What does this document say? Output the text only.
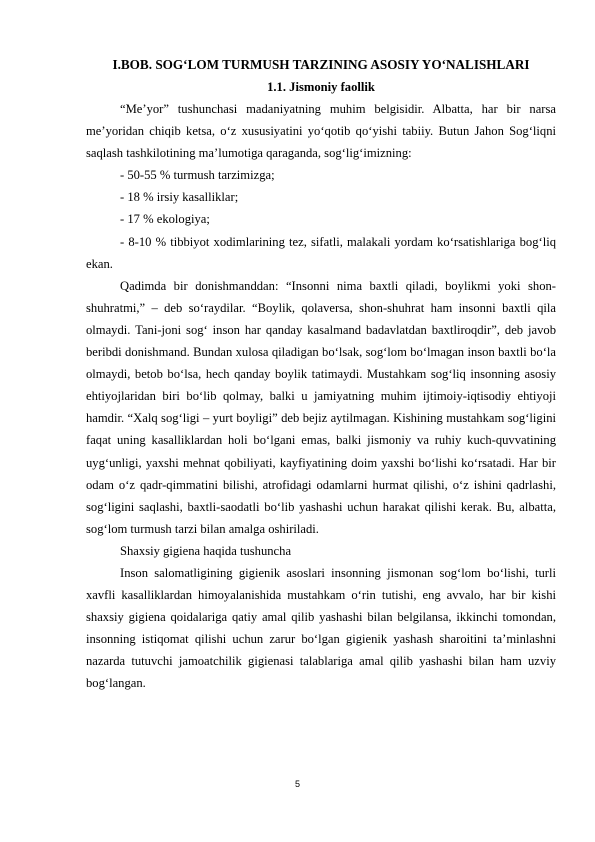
I.BOB. SOG‘LOM TURMUSH TARZINING ASOSIY YO‘NALISHLARI
1.1. Jismoniy faollik

“Me’yor” tushunchasi madaniyatning muhim belgisidir. Albatta, har bir narsa me’yoridan chiqib ketsa, o‘z xususiyatini yo‘qotib qo‘yishi tabiiy. Butun Jahon Sog‘liqni saqlash tashkilotining ma’lumotiga qaraganda, sog‘lig‘imizning:

- 50-55 % turmush tarzimizga;

- 18 % irsiy kasalliklar;

- 17 % ekologiya;

- 8-10 % tibbiyot xodimlarining tez, sifatli, malakali yordam ko‘rsatishlariga bog‘liq ekan.

Qadimda bir donishmanddan: “Insonni nima baxtli qiladi, boylikmi yoki shon-shuhratmi,” – deb so‘raydilar. “Boylik, qolaversa, shon-shuhrat ham insonni baxtli qila olmaydi. Tani-joni sog‘ inson har qanday kasalmand badavlatdan baxtliroqdir”, deb javob beribdi donishmand. Bundan xulosa qiladigan bo‘lsak, sog‘lom bo‘lmagan inson baxtli bo‘la olmaydi, betob bo‘lsa, hech qanday boylik tatimaydi. Mustahkam sog‘liq insonning asosiy ehtiyojlaridan biri bo‘lib qolmay, balki u jamiyatning muhim ijtimoiy-iqtisodiy ehtiyoji hamdir. “Xalq sog‘ligi – yurt boyligi” deb bejiz aytilmagan. Kishining mustahkam sog‘ligini faqat uning kasalliklardan holi bo‘lgani emas, balki jismoniy va ruhiy kuch-quvvatining uyg‘unligi, yaxshi mehnat qobiliyati, kayfiyatining doim yaxshi bo‘lishi ko‘rsatadi. Har bir odam o‘z qadr-qimmatini bilishi, atrofidagi odamlarni hurmat qilishi, o‘z ishini qadrlashi, sog‘ligini saqlashi, baxtli-saodatli bo‘lib yashashi uchun harakat qilishi kerak. Bu, albatta, sog‘lom turmush tarzi bilan amalga oshiriladi.

Shaxsiy gigiena haqida tushuncha

Inson salomatligining gigienik asoslari insonning jismonan sog‘lom bo‘lishi, turli xavfli kasalliklardan himoyalanishida mustahkam o‘rin tutishi, eng avvalo, har bir kishi shaxsiy gigiena qoidalariga qatiy amal qilib yashashi bilan belgilansa, ikkinchi tomondan, insonning istiqomat qilishi uchun zarur bo‘lgan gigienik yashash sharoitini ta’minlashni nazarda tutuvchi jamoatchilik gigienasi talablariga amal qilib yashashi bilan ham uzviy bog‘langan.

5
